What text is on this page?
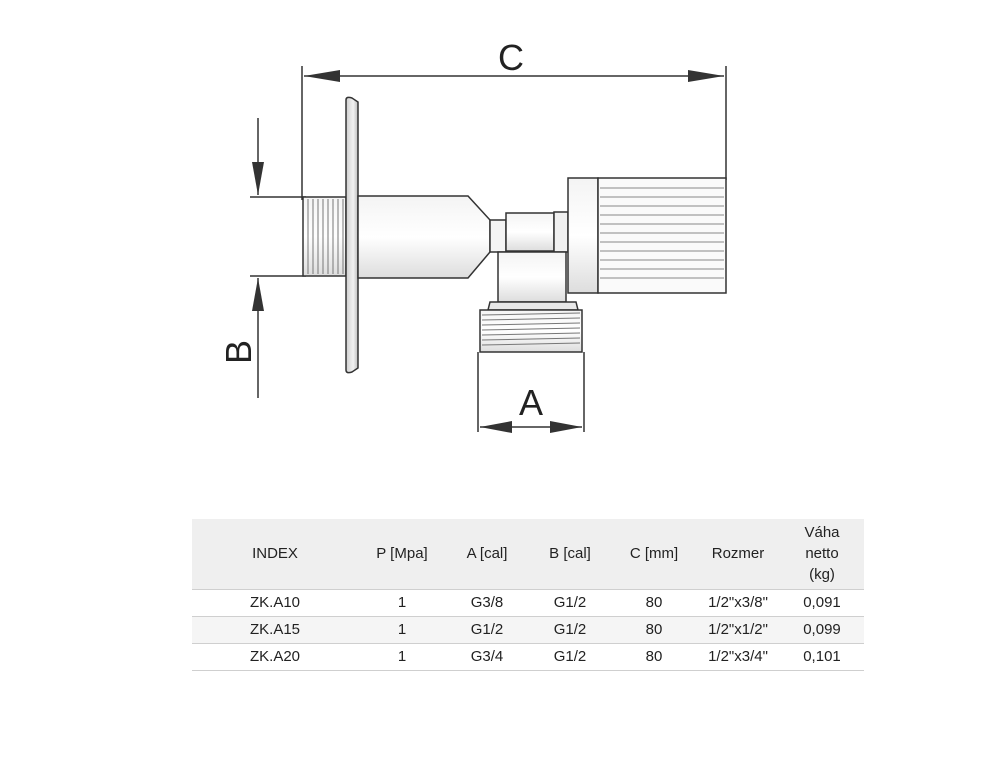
C
B
A
INDEX	P [Mpa]	A [cal]	B [cal]	C [mm]	Rozmer	Váha netto (kg)
ZK.A10	1	G3/8	G1/2	80	1/2"x3/8"	0,091
ZK.A15	1	G1/2	G1/2	80	1/2"x1/2"	0,099
ZK.A20	1	G3/4	G1/2	80	1/2"x3/4"	0,101
